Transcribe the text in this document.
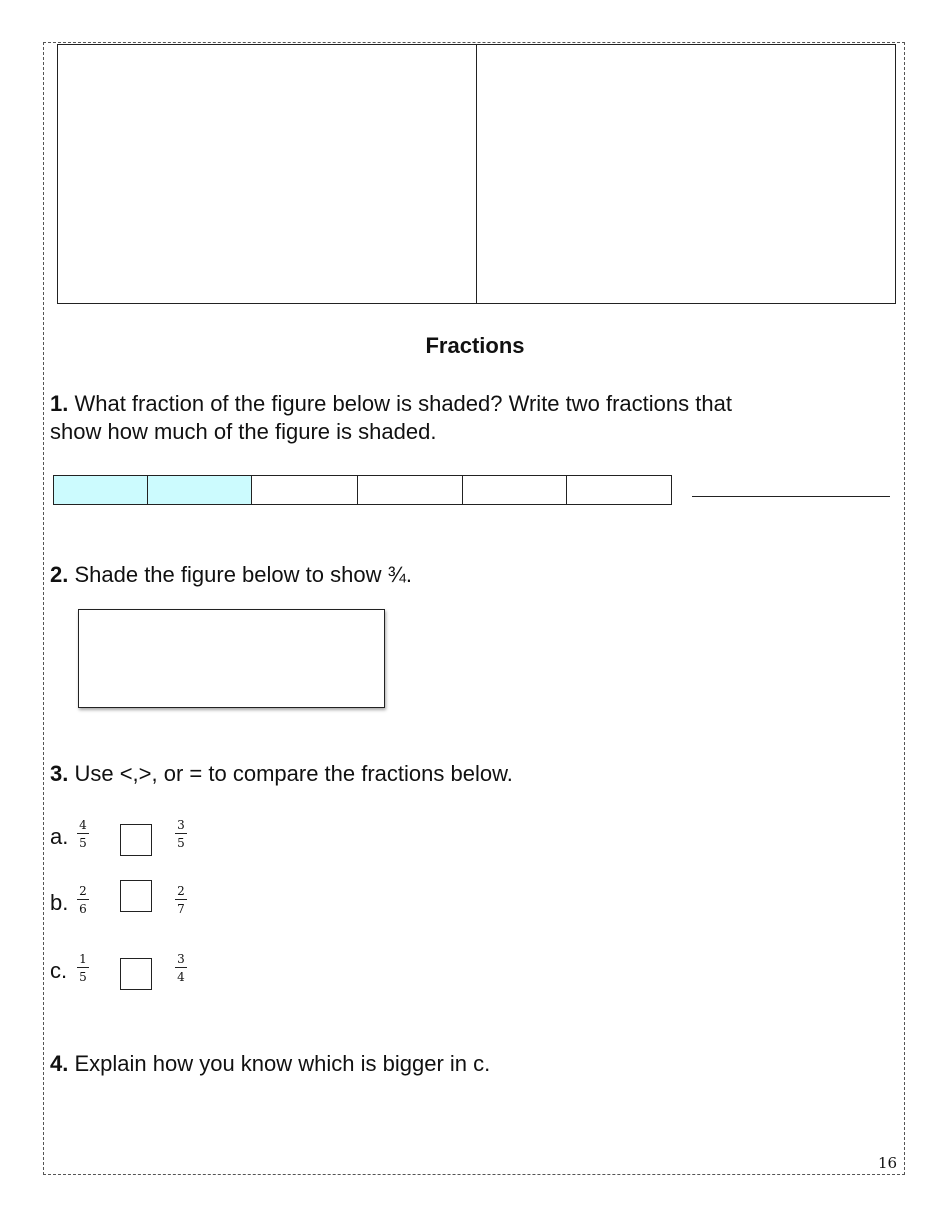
Fractions
1. What fraction of the figure below is shaded? Write two fractions that
show how much of the figure is shaded.
2. Shade the figure below to show ¾.
3. Use <,>, or = to compare the fractions below.
a. $\frac{4}{5}$	$\frac{3}{5}$
b. $\frac{2}{6}$	$\frac{2}{7}$
c. $\frac{1}{5}$	$\frac{3}{4}$
4. Explain how you know which is bigger in c.
16
